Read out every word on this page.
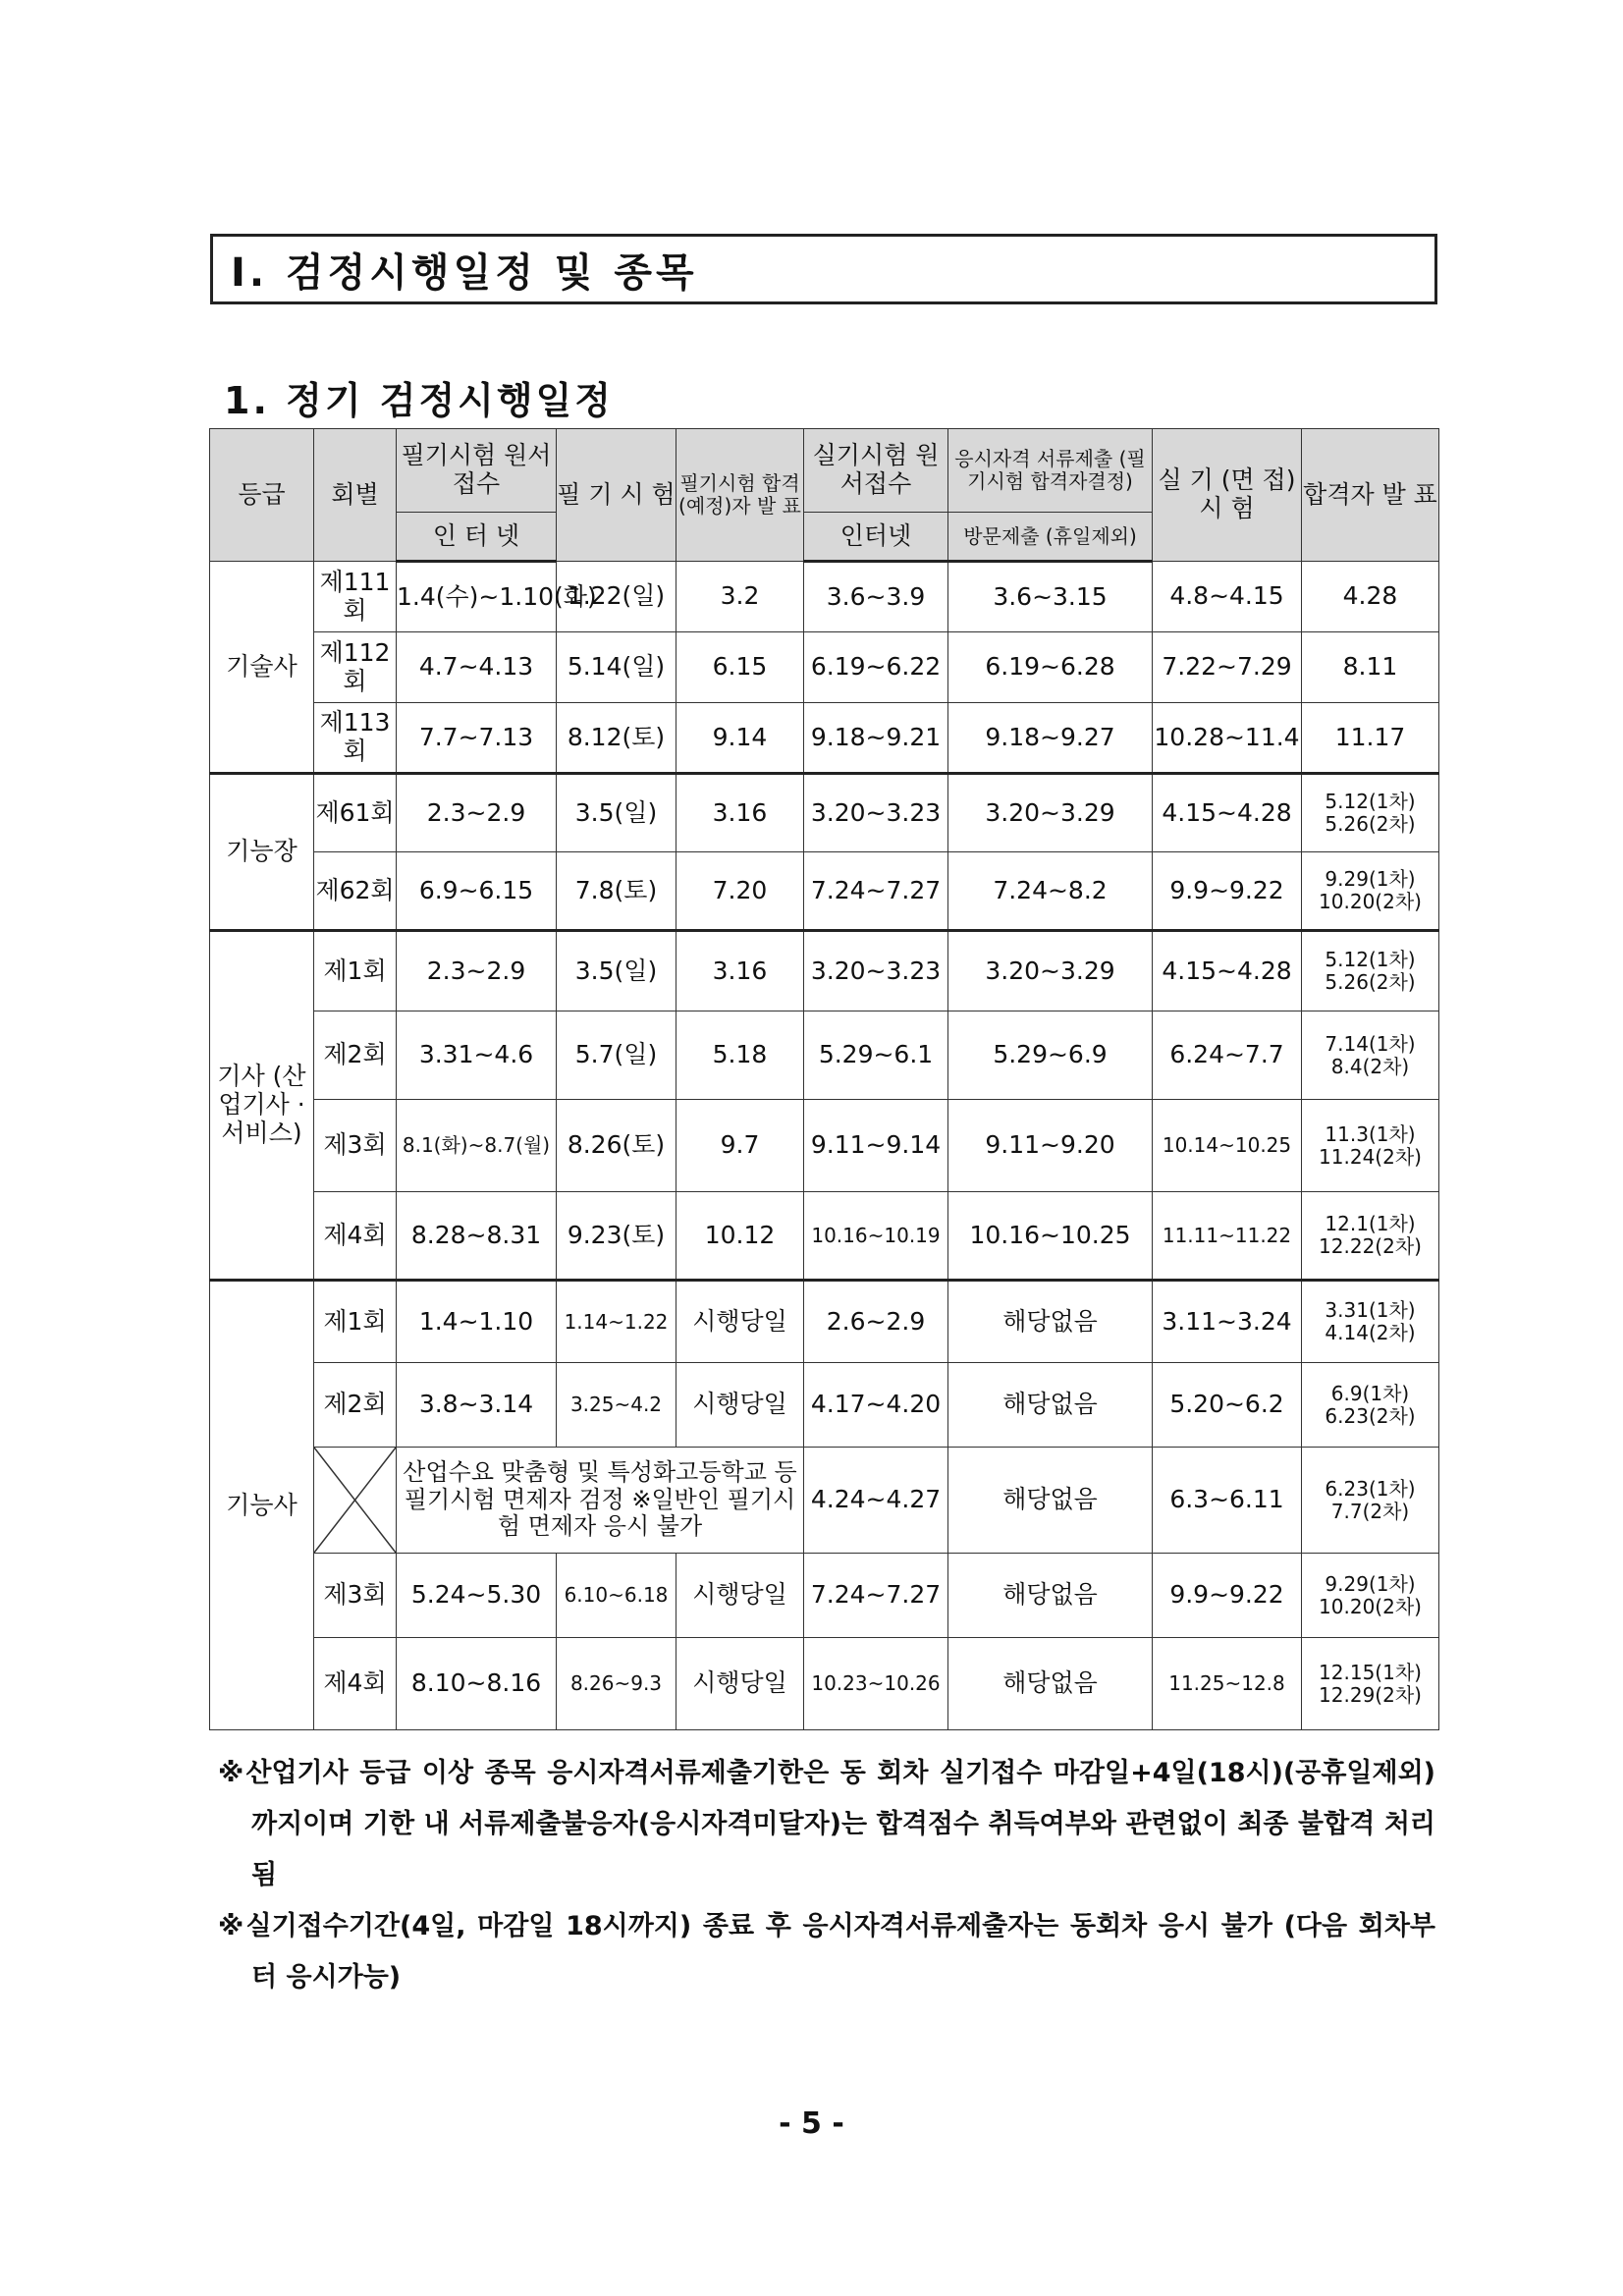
Ⅰ. 검정시행일정 및 종목
1. 정기 검정시행일정
등급	회별	필기시험 원서접수	필 기 시 험	필기시험 합격(예정)자 발 표	실기시험 원서접수	응시자격 서류제출 (필기시험 합격자결정)	실 기 (면 접) 시 험	합격자 발 표
		인 터 넷			인터넷	방문제출 (휴일제외)		
기술사	제111회	1.4(수)~1.10(화)	1.22(일)	3.2	3.6~3.9	3.6~3.15	4.8~4.15	4.28
	제112회	4.7~4.13	5.14(일)	6.15	6.19~6.22	6.19~6.28	7.22~7.29	8.11
	제113회	7.7~7.13	8.12(토)	9.14	9.18~9.21	9.18~9.27	10.28~11.4	11.17
기능장	제61회	2.3~2.9	3.5(일)	3.16	3.20~3.23	3.20~3.29	4.15~4.28	5.12(1차) 5.26(2차)
	제62회	6.9~6.15	7.8(토)	7.20	7.24~7.27	7.24~8.2	9.9~9.22	9.29(1차) 10.20(2차)
기사 (산업기사 · 서비스)	제1회	2.3~2.9	3.5(일)	3.16	3.20~3.23	3.20~3.29	4.15~4.28	5.12(1차) 5.26(2차)
	제2회	3.31~4.6	5.7(일)	5.18	5.29~6.1	5.29~6.9	6.24~7.7	7.14(1차) 8.4(2차)
	제3회	8.1(화)~8.7(월)	8.26(토)	9.7	9.11~9.14	9.11~9.20	10.14~10.25	11.3(1차) 11.24(2차)
	제4회	8.28~8.31	9.23(토)	10.12	10.16~10.19	10.16~10.25	11.11~11.22	12.1(1차) 12.22(2차)
기능사	제1회	1.4~1.10	1.14~1.22	시행당일	2.6~2.9	해당없음	3.11~3.24	3.31(1차) 4.14(2차)
	제2회	3.8~3.14	3.25~4.2	시행당일	4.17~4.20	해당없음	5.20~6.2	6.9(1차) 6.23(2차)

	산업수요 맞춤형 및 특성화고등학교 등 필기시험 면제자 검정 ※일반인 필기시험 면제자 응시 불가			4.24~4.27	해당없음	6.3~6.11	6.23(1차) 7.7(2차)
	제3회	5.24~5.30	6.10~6.18	시행당일	7.24~7.27	해당없음	9.9~9.22	9.29(1차) 10.20(2차)
	제4회	8.10~8.16	8.26~9.3	시행당일	10.23~10.26	해당없음	11.25~12.8	12.15(1차) 12.29(2차)

※산업기사 등급 이상 종목 응시자격서류제출기한은 동 회차 실기접수 마감일+4일(18시)(공휴일제외)까지이며 기한 내 서류제출불응자(응시자격미달자)는 합격점수 취득여부와 관련없이 최종 불합격 처리됨

※실기접수기간(4일, 마감일 18시까지) 종료 후 응시자격서류제출자는 동회차 응시 불가 (다음 회차부터 응시가능)

- 5 -
